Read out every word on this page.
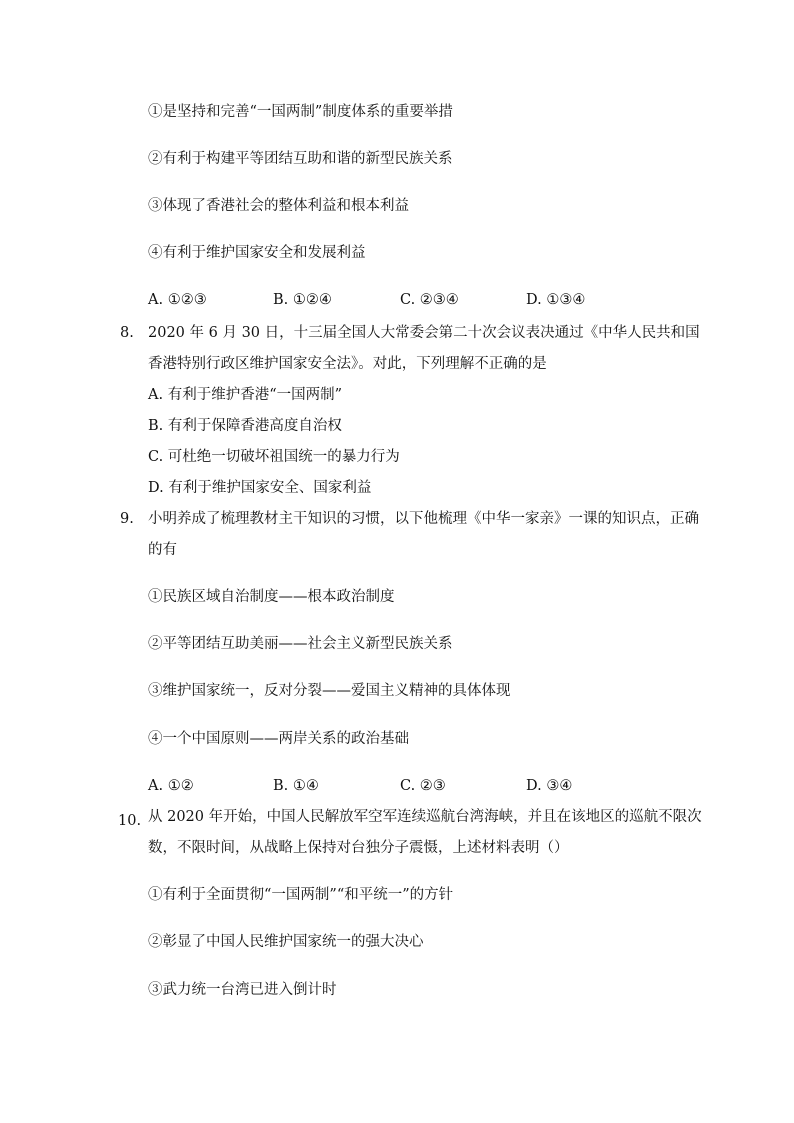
①是坚持和完善“一国两制”制度体系的重要举措
②有利于构建平等团结互助和谐的新型民族关系
③体现了香港社会的整体利益和根本利益
④有利于维护国家安全和发展利益
A. ①②③	B. ①②④	C. ②③④	D. ①③④
8. 2020 年 6 月 30 日，十三届全国人大常委会第二十次会议表决通过《中华人民共和国
香港特别行政区维护国家安全法》。对此，下列理解不正确的是
A. 有利于维护香港“一国两制”
B. 有利于保障香港高度自治权
C. 可杜绝一切破坏祖国统一的暴力行为
D. 有利于维护国家安全、国家利益
9. 小明养成了梳理教材主干知识的习惯，以下他梳理《中华一家亲》一课的知识点，正确
的有
①民族区域自治制度——根本政治制度
②平等团结互助美丽——社会主义新型民族关系
③维护国家统一，反对分裂——爱国主义精神的具体体现
④一个中国原则——两岸关系的政治基础
A. ①②	B. ①④	C. ②③	D. ③④
10. 从 2020 年开始，中国人民解放军空军连续巡航台湾海峡，并且在该地区的巡航不限次
数，不限时间，从战略上保持对台独分子震慑，上述材料表明（）
①有利于全面贯彻“一国两制”“和平统一”的方针
②彰显了中国人民维护国家统一的强大决心
③武力统一台湾已进入倒计时
